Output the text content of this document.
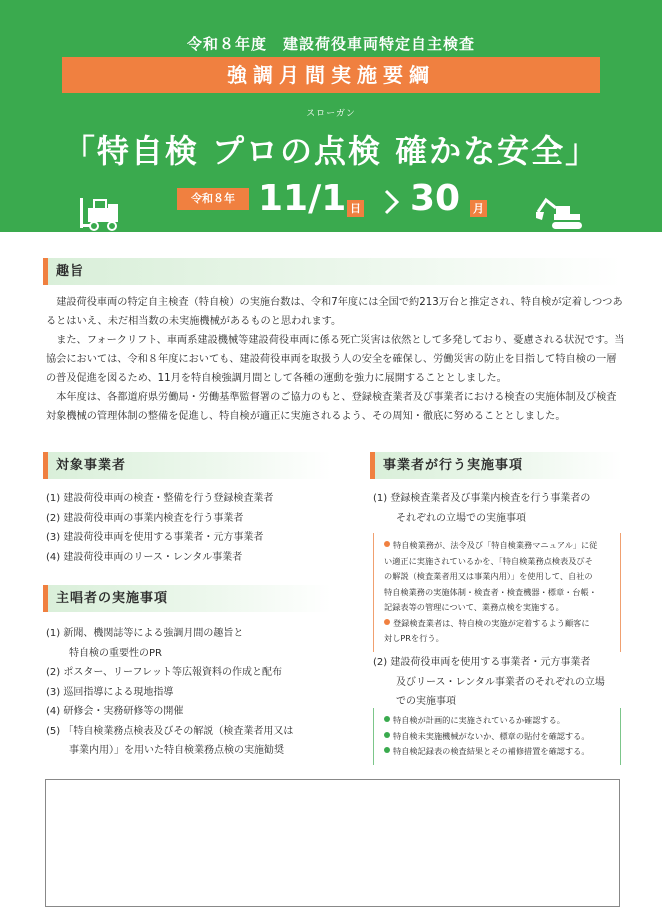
令和８年度　建設荷役車両特定自主検査
強調月間実施要綱
スローガン
「特自検 プロの点検 確かな安全」
令和８年 11/1 日 30 月
趣旨
建設荷役車両の特定自主検査（特自検）の実施台数は、令和7年度には全国で約213万台と推定され、特自検が定着しつつあるとはいえ、未だ相当数の未実施機械があるものと思われます。
また、フォークリフト、車両系建設機械等建設荷役車両に係る死亡災害は依然として多発しており、憂慮される状況です。当協会においては、令和８年度においても、建設荷役車両を取扱う人の安全を確保し、労働災害の防止を目指して特自検の一層の普及促進を図るため、11月を特自検強調月間として各種の運動を強力に展開することとしました。
本年度は、各都道府県労働局・労働基準監督署のご協力のもと、登録検査業者及び事業者における検査の実施体制及び検査対象機械の管理体制の整備を促進し、特自検が適正に実施されるよう、その周知・徹底に努めることとしました。
対象事業者
(1) 建設荷役車両の検査・整備を行う登録検査業者
(2) 建設荷役車両の事業内検査を行う事業者
(3) 建設荷役車両を使用する事業者・元方事業者
(4) 建設荷役車両のリース・レンタル事業者
主唱者の実施事項
(1) 新聞、機関誌等による強調月間の趣旨と
特自検の重要性のPR
(2) ポスター、リーフレット等広報資料の作成と配布
(3) 巡回指導による現地指導
(4) 研修会・実務研修等の開催
(5) 「特自検業務点検表及びその解説（検査業者用又は
事業内用）」を用いた特自検業務点検の実施勧奨
事業者が行う実施事項
(1) 登録検査業者及び事業内検査を行う事業者の
それぞれの立場での実施事項
特自検業務が、法令及び「特自検業務マニュアル」に従
い適正に実施されているかを、「特自検業務点検表及びそ
の解説（検査業者用又は事業内用）」を使用して、自社の
特自検業務の実施体制・検査者・検査機器・標章・台帳・
記録表等の管理について、業務点検を実施する。
登録検査業者は、特自検の実施が定着するよう顧客に
対しPRを行う。
(2) 建設荷役車両を使用する事業者・元方事業者
及びリース・レンタル事業者のそれぞれの立場
での実施事項
特自検が計画的に実施されているか確認する。
特自検未実施機械がないか、標章の貼付を確認する。
特自検記録表の検査結果とその補修措置を確認する。
